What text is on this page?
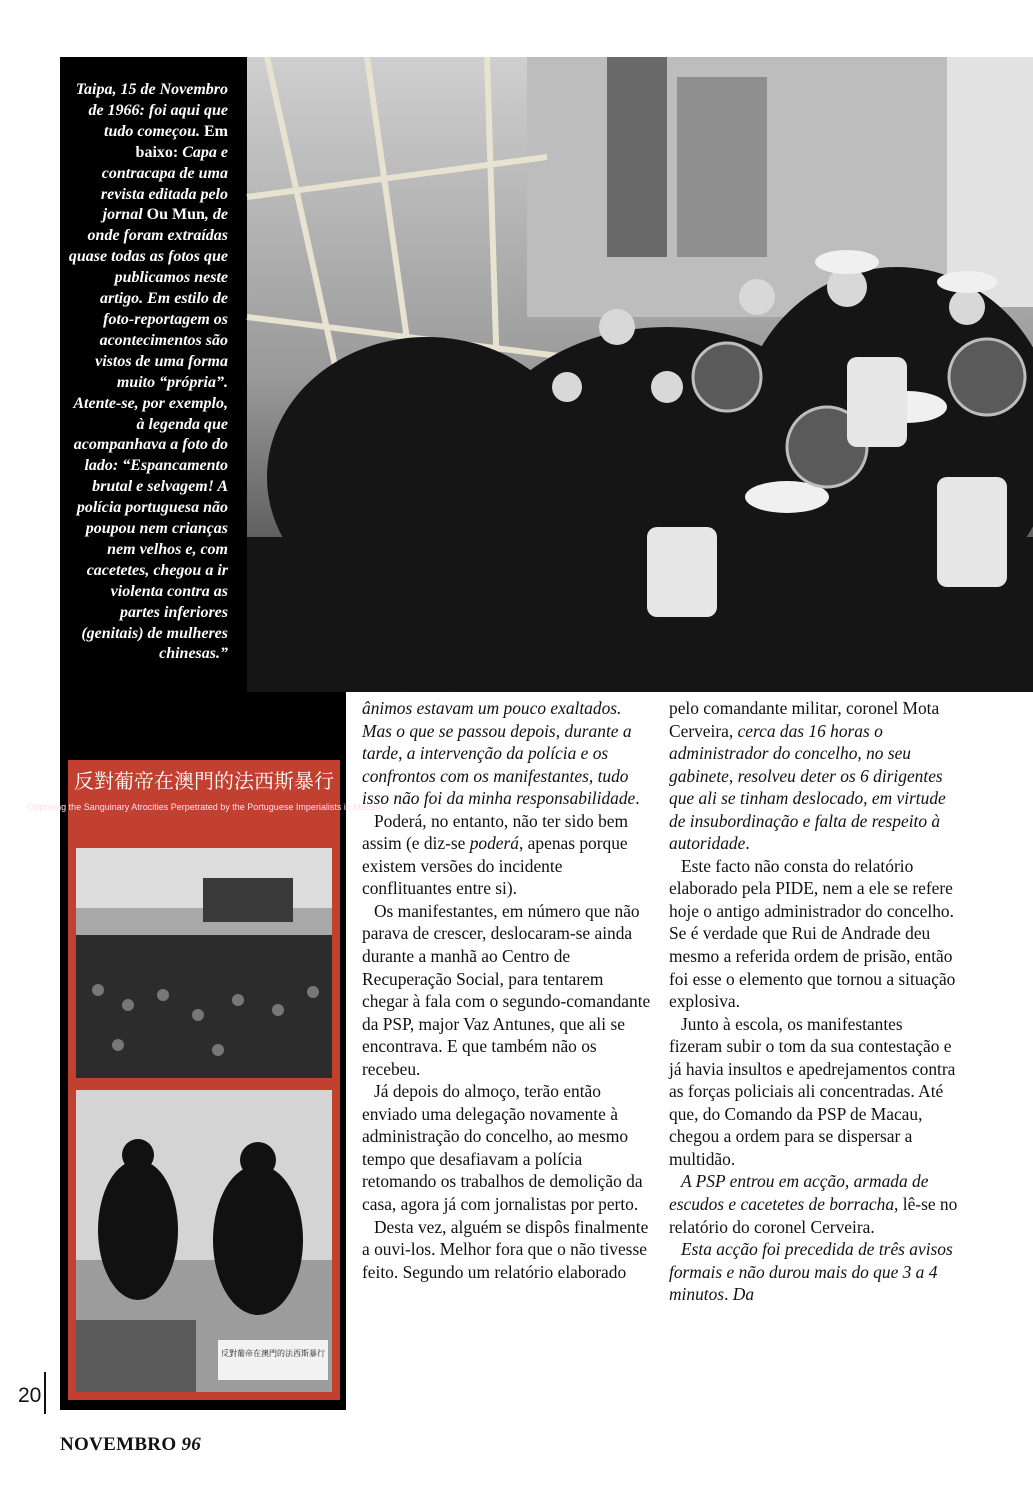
Taipa, 15 de Novembro de 1966: foi aqui que tudo começou. Em baixo: Capa e contracapa de uma revista editada pelo jornal Ou Mun, de onde foram extraídas quase todas as fotos que publicamos neste artigo. Em estilo de foto-reportagem os acontecimentos são vistos de uma forma muito “própria”. Atente-se, por exemplo, à legenda que acompanhava a foto do lado: “Espancamento brutal e selvagem! A polícia portuguesa não poupou nem crianças nem velhos e, com cacetetes, chegou a ir violenta contra as partes inferiores (genitais) de mulheres chinesas.”
反對葡帝在澳門的法西斯暴行
Opposing the Sanguinary Atrocities Perpetrated by the Portuguese Imperialists in Macao
反對葡帝在澳門的法西斯暴行

ânimos estavam um pouco exaltados. Mas o que se passou depois, durante a tarde, a intervenção da polícia e os confrontos com os manifestantes, tudo isso não foi da minha responsabilidade.

Poderá, no entanto, não ter sido bem assim (e diz-se poderá, apenas porque existem versões do incidente conflituantes entre si).

Os manifestantes, em número que não parava de crescer, deslocaram-se ainda durante a manhã ao Centro de Recuperação Social, para tentarem chegar à fala com o segundo-comandante da PSP, major Vaz Antunes, que ali se encontrava. E que também não os recebeu.

Já depois do almoço, terão então enviado uma delegação novamente à administração do concelho, ao mesmo tempo que desafiavam a polícia retomando os trabalhos de demolição da casa, agora já com jornalistas por perto.

Desta vez, alguém se dispôs finalmente a ouvi-los. Melhor fora que o não tivesse feito. Segundo um relatório elaborado

pelo comandante militar, coronel Mota Cerveira, cerca das 16 horas o administrador do concelho, no seu gabinete, resolveu deter os 6 dirigentes que ali se tinham deslocado, em virtude de insubordinação e falta de respeito à autoridade.

Este facto não consta do relatório elaborado pela PIDE, nem a ele se refere hoje o antigo administrador do concelho. Se é verdade que Rui de Andrade deu mesmo a referida ordem de prisão, então foi esse o elemento que tornou a situação explosiva.

Junto à escola, os manifestantes fizeram subir o tom da sua contestação e já havia insultos e apedrejamentos contra as forças policiais ali concentradas. Até que, do Comando da PSP de Macau, chegou a ordem para se dispersar a multidão.

A PSP entrou em acção, armada de escudos e cacetetes de borracha, lê-se no relatório do coronel Cerveira.

Esta acção foi precedida de três avisos formais e não durou mais do que 3 a 4 minutos. Da

20
NOVEMBRO 96
